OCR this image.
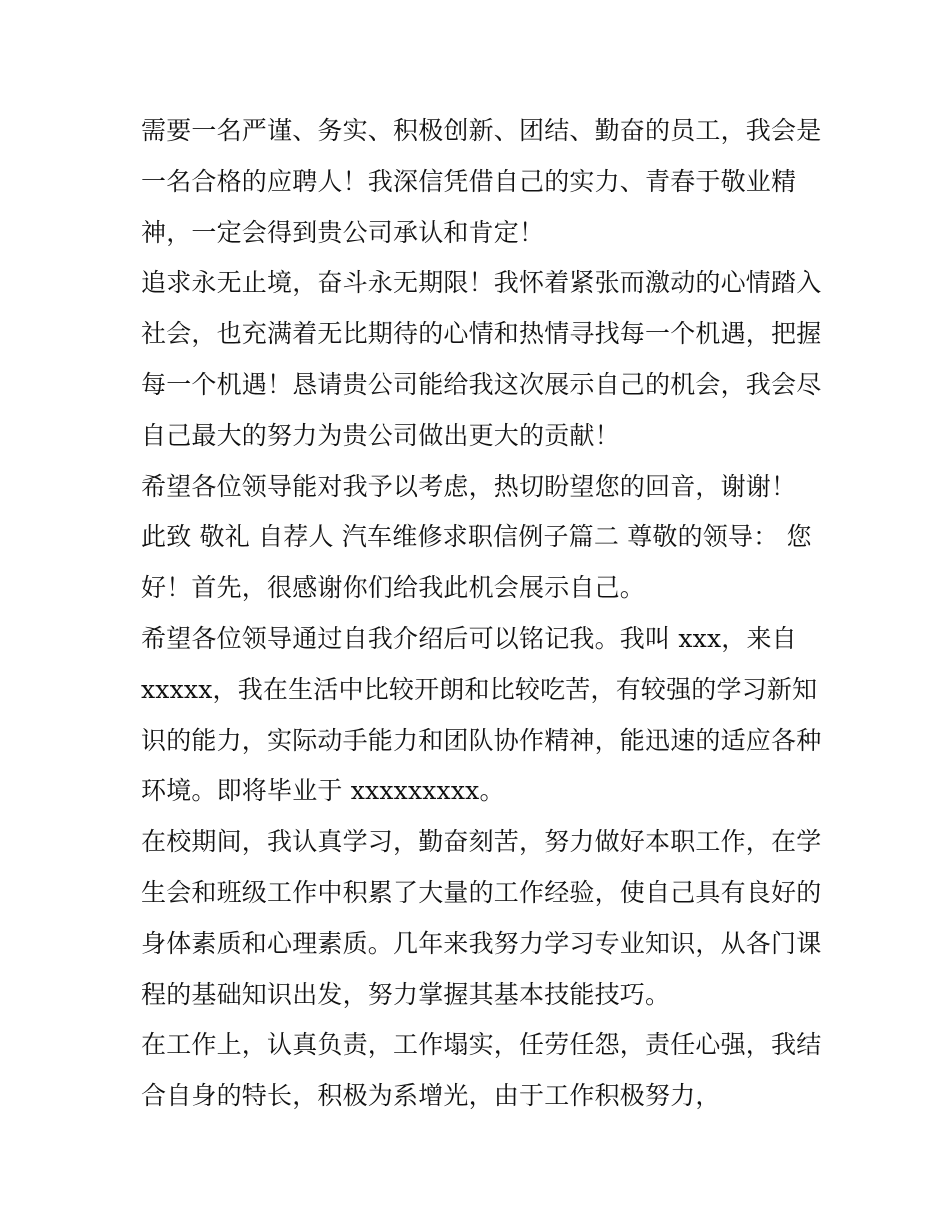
需要一名严谨、务实、积极创新、团结、勤奋的员工，我会是
一名合格的应聘人！我深信凭借自己的实力、青春于敬业精
神，一定会得到贵公司承认和肯定！
追求永无止境，奋斗永无期限！我怀着紧张而激动的心情踏入
社会，也充满着无比期待的心情和热情寻找每一个机遇，把握
每一个机遇！恳请贵公司能给我这次展示自己的机会，我会尽
自己最大的努力为贵公司做出更大的贡献！
希望各位领导能对我予以考虑，热切盼望您的回音，谢谢！
此致 敬礼 自荐人 汽车维修求职信例子篇二 尊敬的领导： 您
好！首先，很感谢你们给我此机会展示自己。
希望各位领导通过自我介绍后可以铭记我。我叫 xxx，来自
xxxxx，我在生活中比较开朗和比较吃苦，有较强的学习新知
识的能力，实际动手能力和团队协作精神，能迅速的适应各种
环境。即将毕业于 xxxxxxxxx。
在校期间，我认真学习，勤奋刻苦，努力做好本职工作，在学
生会和班级工作中积累了大量的工作经验，使自己具有良好的
身体素质和心理素质。几年来我努力学习专业知识，从各门课
程的基础知识出发，努力掌握其基本技能技巧。
在工作上，认真负责，工作塌实，任劳任怨，责任心强，我结
合自身的特长，积极为系增光，由于工作积极努力，
